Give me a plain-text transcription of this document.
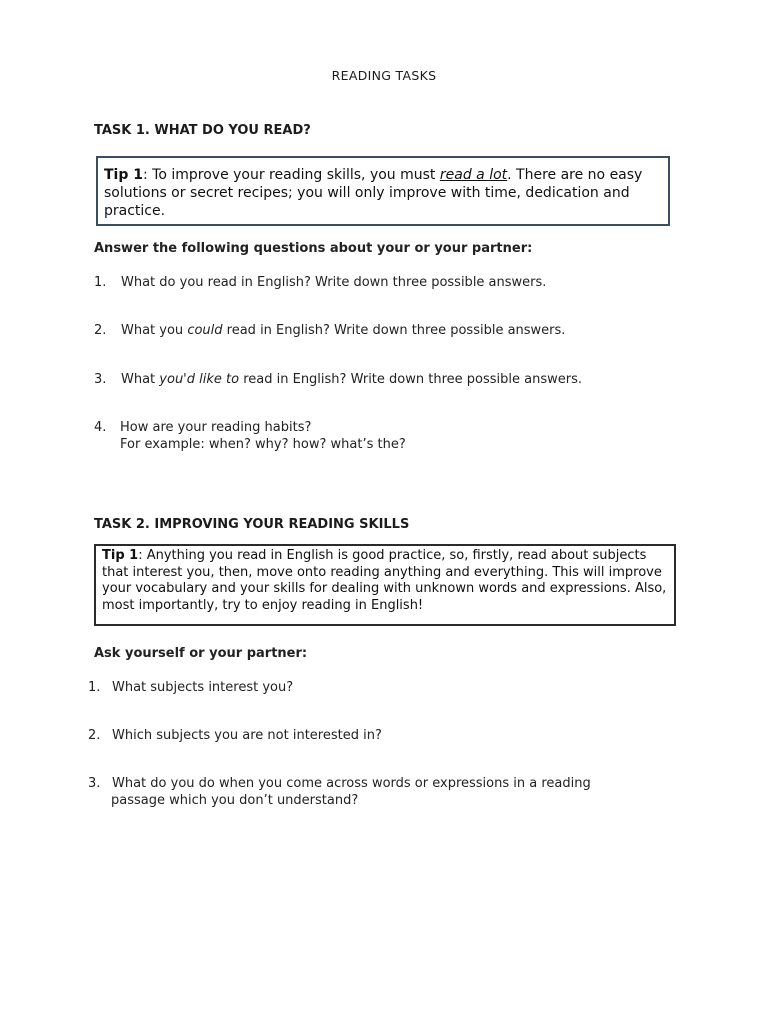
READING TASKS
TASK 1. WHAT DO YOU READ?
Tip 1: To improve your reading skills, you must read a lot. There are no easy solutions or secret recipes; you will only improve with time, dedication and practice.
Answer the following questions about your or your partner:
1. What do you read in English? Write down three possible answers.
2. What you could read in English? Write down three possible answers.
3. What you'd like to read in English? Write down three possible answers.
4. How are your reading habits?
For example: when? why? how? what’s the?
TASK 2. IMPROVING YOUR READING SKILLS
Tip 1: Anything you read in English is good practice, so, firstly, read about subjects that interest you, then, move onto reading anything and everything. This will improve your vocabulary and your skills for dealing with unknown words and expressions. Also, most importantly, try to enjoy reading in English!
Ask yourself or your partner:
1. What subjects interest you?
2. Which subjects you are not interested in?
3. What do you do when you come across words or expressions in a reading
passage which you don’t understand?
